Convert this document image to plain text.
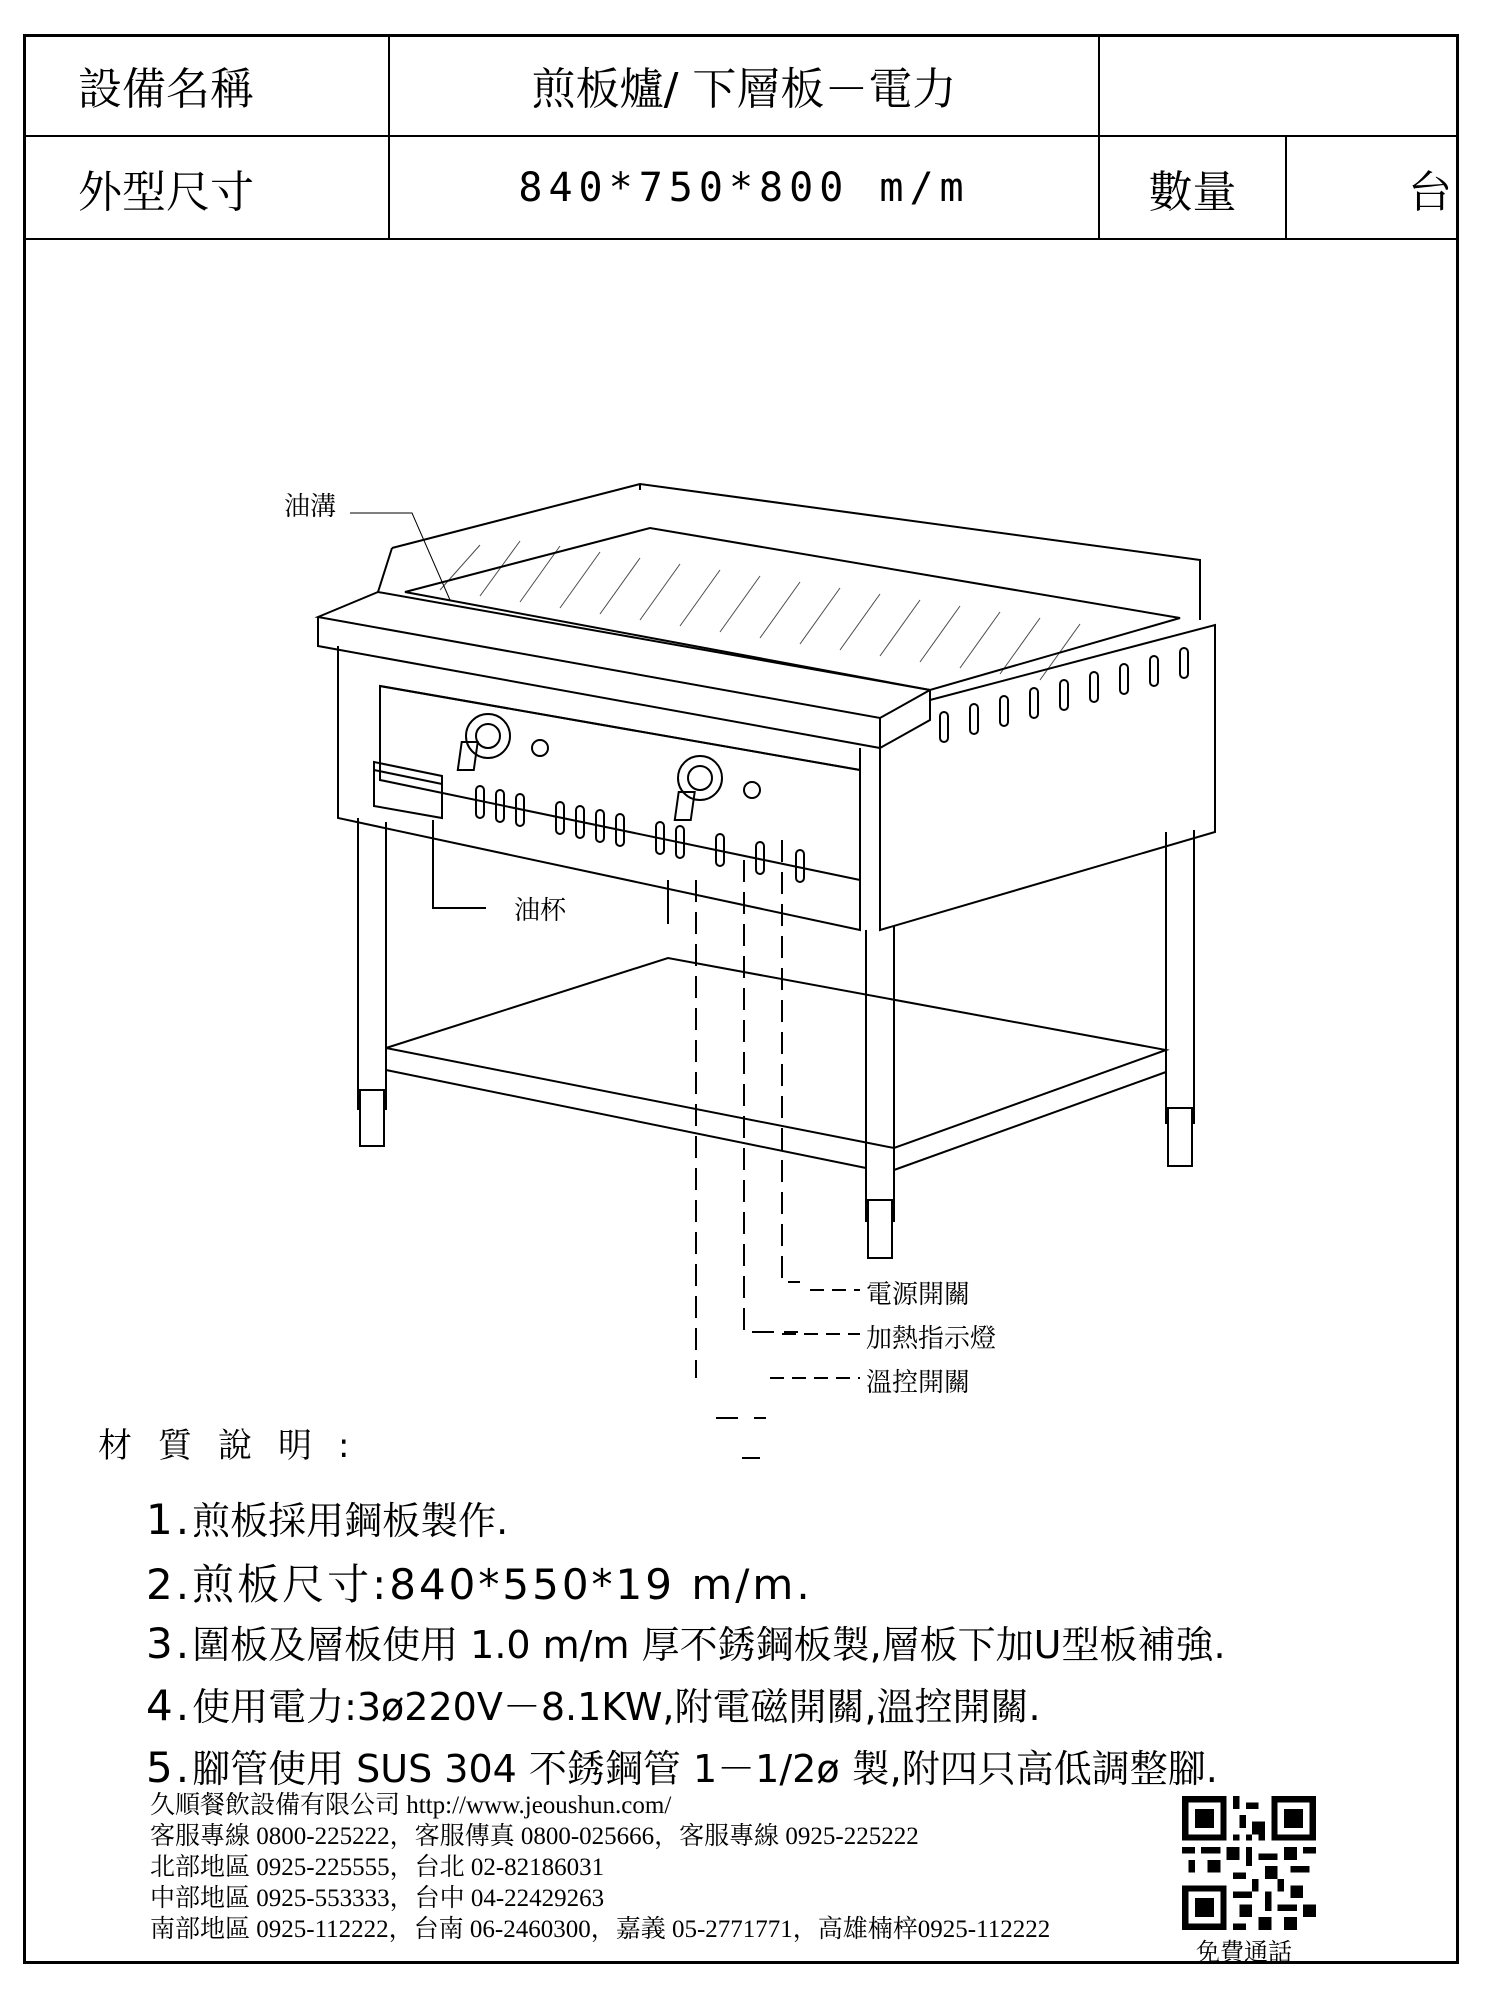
設備名稱	煎板爐/ 下層板－電力
外型尺寸	840*750*800 m/m	數量	台
油溝
油杯
電源開關
加熱指示燈
溫控開關
材質說明:
1.煎板採用鋼板製作.
2.煎板尺寸:840*550*19 m/m.
3.圍板及層板使用 1.0 m/m 厚不銹鋼板製,層板下加U型板補強.
4.使用電力:3ø220V－8.1KW,附電磁開關,溫控開關.
5.腳管使用 SUS 304 不銹鋼管 1－1/2ø 製,附四只高低調整腳.
久順餐飲設備有限公司 http://www.jeoushun.com/
客服專線 0800-225222，客服傳真 0800-025666，客服專線 0925-225222
北部地區 0925-225555，台北 02-82186031
中部地區 0925-553333，台中 04-22429263
南部地區 0925-112222，台南 06-2460300，嘉義 05-2771771，高雄楠梓0925-112222
免費通話
